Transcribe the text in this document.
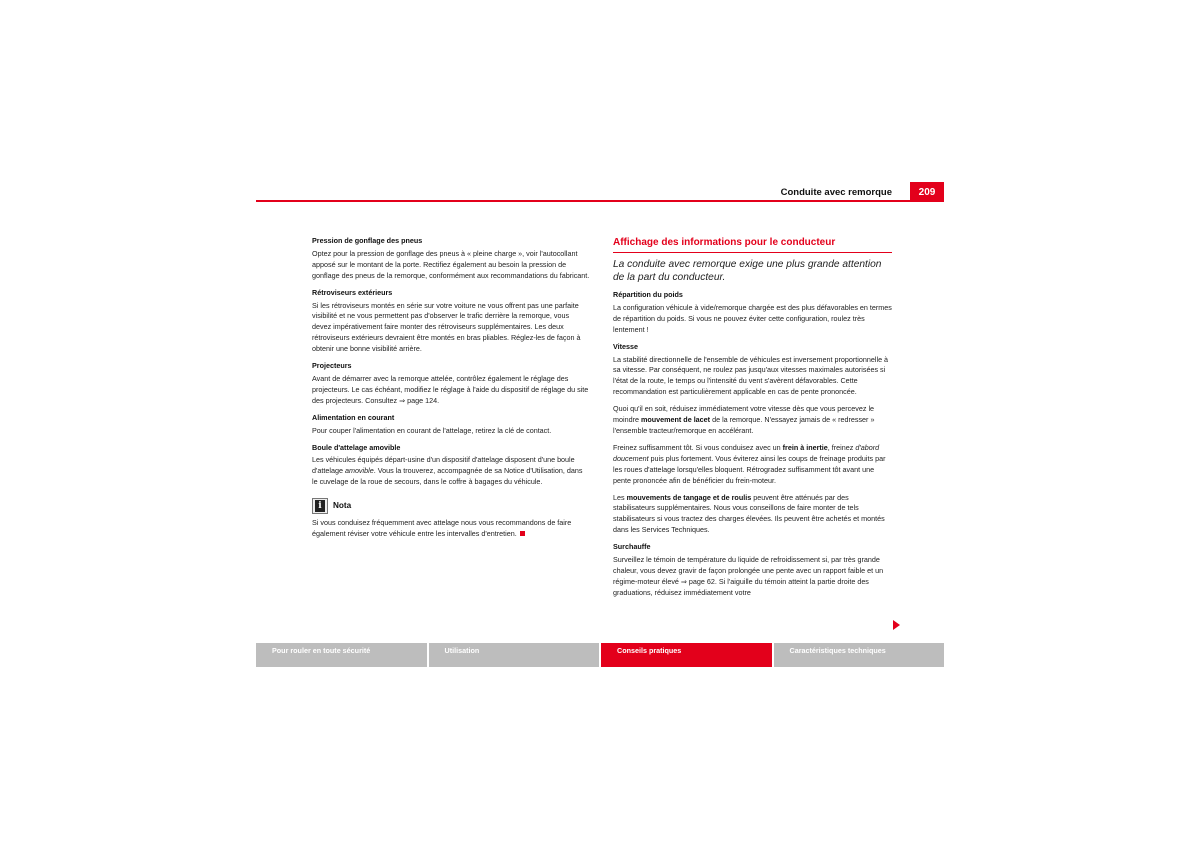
Conduite avec remorque	209
Pression de gonflage des pneus

Optez pour la pression de gonflage des pneus à « pleine charge », voir l'autocollant apposé sur le montant de la porte. Rectifiez également au besoin la pression de gonflage des pneus de la remorque, conformément aux recommandations du fabricant.

Rétroviseurs extérieurs

Si les rétroviseurs montés en série sur votre voiture ne vous offrent pas une parfaite visibilité et ne vous permettent pas d'observer le trafic derrière la remorque, vous devez impérativement faire monter des rétroviseurs supplémentaires. Les deux rétroviseurs extérieurs devraient être montés en bras pliables. Réglez-les de façon à obtenir une bonne visibilité arrière.

Projecteurs

Avant de démarrer avec la remorque attelée, contrôlez également le réglage des projecteurs. Le cas échéant, modifiez le réglage à l'aide du dispositif de réglage du site des projecteurs. Consultez ⇒ page 124.

Alimentation en courant

Pour couper l'alimentation en courant de l'attelage, retirez la clé de contact.

Boule d'attelage amovible

Les véhicules équipés départ-usine d'un dispositif d'attelage disposent d'une boule d'attelage amovible. Vous la trouverez, accompagnée de sa Notice d'Utilisation, dans le cuvelage de la roue de secours, dans le coffre à bagages du véhicule.

i	Nota

Si vous conduisez fréquemment avec attelage nous vous recommandons de faire également réviser votre véhicule entre les intervalles d'entretien.

Affichage des informations pour le conducteur

La conduite avec remorque exige une plus grande attention de la part du conducteur.

Répartition du poids

La configuration véhicule à vide/remorque chargée est des plus défavorables en termes de répartition du poids. Si vous ne pouvez éviter cette configuration, roulez très lentement !

Vitesse

La stabilité directionnelle de l'ensemble de véhicules est inversement proportionnelle à sa vitesse. Par conséquent, ne roulez pas jusqu'aux vitesses maximales autorisées si l'état de la route, le temps ou l'intensité du vent s'avèrent défavorables. Cette recommandation est particulièrement applicable en cas de pente prononcée.

Quoi qu'il en soit, réduisez immédiatement votre vitesse dès que vous percevez le moindre mouvement de lacet de la remorque. N'essayez jamais de « redresser » l'ensemble tracteur/remorque en accélérant.

Freinez suffisamment tôt. Si vous conduisez avec un frein à inertie, freinez d'abord doucement puis plus fortement. Vous éviterez ainsi les coups de freinage produits par les roues d'attelage lorsqu'elles bloquent. Rétrogradez suffisamment tôt avant une pente prononcée afin de bénéficier du frein-moteur.

Les mouvements de tangage et de roulis peuvent être atténués par des stabilisateurs supplémentaires. Nous vous conseillons de faire monter de tels stabilisateurs si vous tractez des charges élevées. Ils peuvent être achetés et montés dans les Services Techniques.

Surchauffe

Surveillez le témoin de température du liquide de refroidissement si, par très grande chaleur, vous devez gravir de façon prolongée une pente avec un rapport faible et un régime-moteur élevé ⇒ page 62. Si l'aiguille du témoin atteint la partie droite des graduations, réduisez immédiatement votre

Pour rouler en toute sécurité	Utilisation	Conseils pratiques	Caractéristiques techniques
